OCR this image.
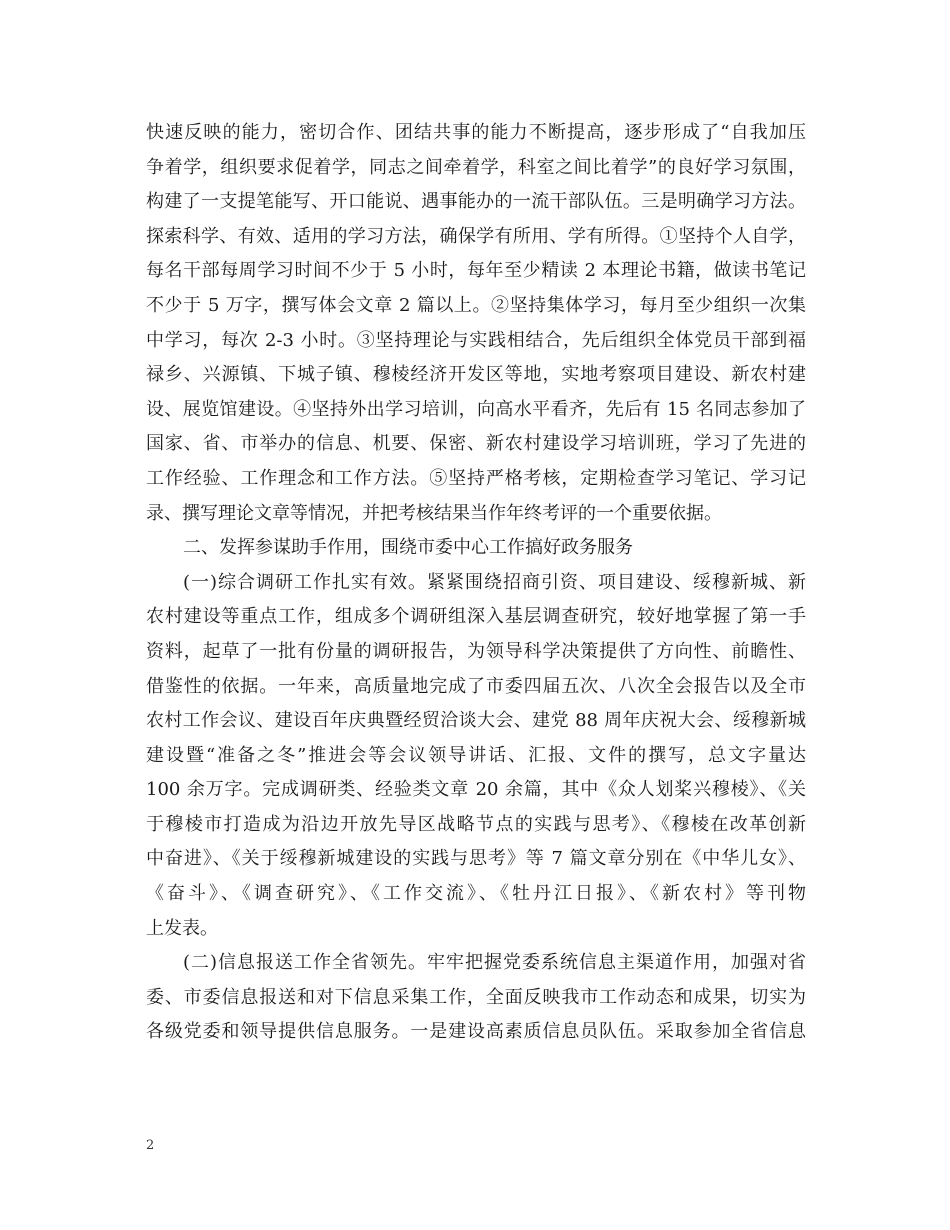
快速反映的能力，密切合作、团结共事的能力不断提高，逐步形成了“自我加压
争着学，组织要求促着学，同志之间牵着学，科室之间比着学”的良好学习氛围，
构建了一支提笔能写、开口能说、遇事能办的一流干部队伍。三是明确学习方法。
探索科学、有效、适用的学习方法，确保学有所用、学有所得。①坚持个人自学，
每名干部每周学习时间不少于 5 小时，每年至少精读 2 本理论书籍，做读书笔记
不少于 5 万字，撰写体会文章 2 篇以上。②坚持集体学习，每月至少组织一次集
中学习，每次 2-3 小时。③坚持理论与实践相结合，先后组织全体党员干部到福
禄乡、兴源镇、下城子镇、穆棱经济开发区等地，实地考察项目建设、新农村建
设、展览馆建设。④坚持外出学习培训，向高水平看齐，先后有 15 名同志参加了
国家、省、市举办的信息、机要、保密、新农村建设学习培训班，学习了先进的
工作经验、工作理念和工作方法。⑤坚持严格考核，定期检查学习笔记、学习记
录、撰写理论文章等情况，并把考核结果当作年终考评的一个重要依据。
二、发挥参谋助手作用，围绕市委中心工作搞好政务服务
(一)综合调研工作扎实有效。紧紧围绕招商引资、项目建设、绥穆新城、新
农村建设等重点工作，组成多个调研组深入基层调查研究，较好地掌握了第一手
资料，起草了一批有份量的调研报告，为领导科学决策提供了方向性、前瞻性、
借鉴性的依据。一年来，高质量地完成了市委四届五次、八次全会报告以及全市
农村工作会议、建设百年庆典暨经贸洽谈大会、建党 88 周年庆祝大会、绥穆新城
建设暨“准备之冬”推进会等会议领导讲话、汇报、文件的撰写，总文字量达
100 余万字。完成调研类、经验类文章 20 余篇，其中《众人划桨兴穆棱》、《关
于穆棱市打造成为沿边开放先导区战略节点的实践与思考》、《穆棱在改革创新
中奋进》、《关于绥穆新城建设的实践与思考》等 7 篇文章分别在《中华儿女》、
《奋斗》、《调查研究》、《工作交流》、《牡丹江日报》、《新农村》等刊物
上发表。
(二)信息报送工作全省领先。牢牢把握党委系统信息主渠道作用，加强对省
委、市委信息报送和对下信息采集工作，全面反映我市工作动态和成果，切实为
各级党委和领导提供信息服务。一是建设高素质信息员队伍。采取参加全省信息
2
